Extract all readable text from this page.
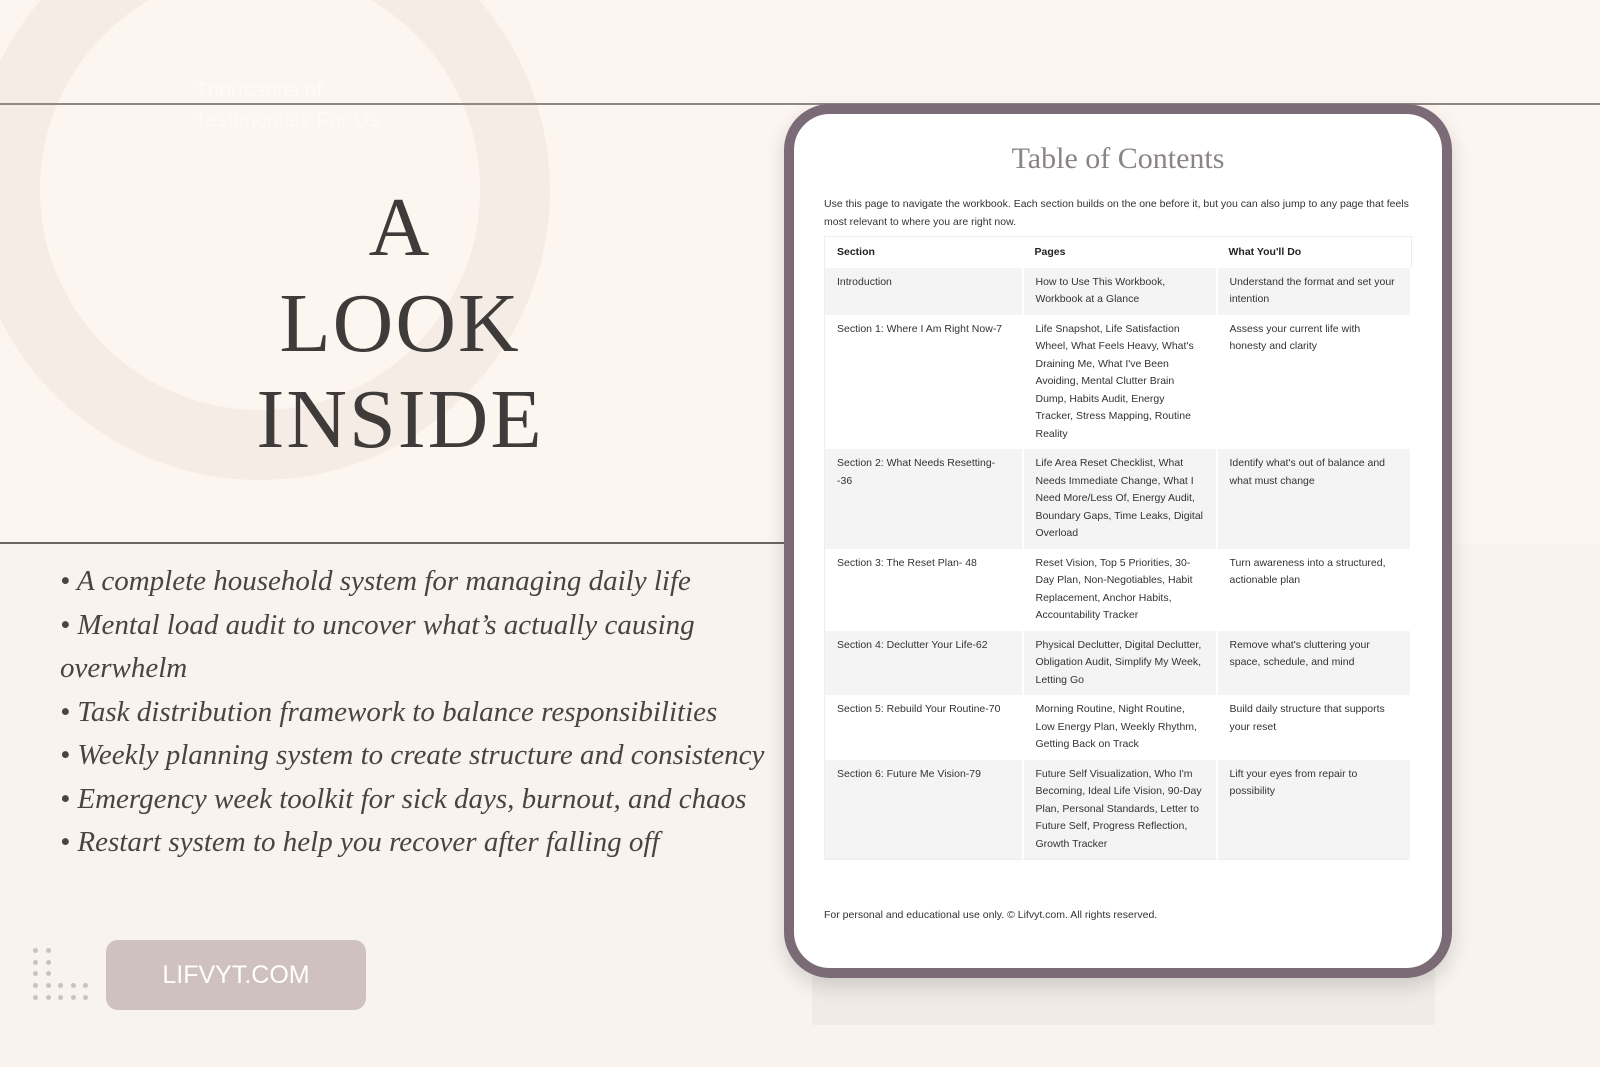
Thousands of
Testimonials For Us
A
LOOK
INSIDE
• A complete household system for managing daily life
• Mental load audit to uncover what’s actually causing overwhelm
• Task distribution framework to balance responsibilities
• Weekly planning system to create structure and consistency
• Emergency week toolkit for sick days, burnout, and chaos
• Restart system to help you recover after falling off
LIFVYT.COM
Table of Contents
Use this page to navigate the workbook. Each section builds on the one before it, but you can also jump to any page that feels most relevant to where you are right now.
Section	Pages	What You'll Do
Introduction	How to Use This Workbook, Workbook at a Glance	Understand the format and set your intention
Section 1: Where I Am Right Now-7	Life Snapshot, Life Satisfaction Wheel, What Feels Heavy, What's Draining Me, What I've Been Avoiding, Mental Clutter Brain Dump, Habits Audit, Energy Tracker, Stress Mapping, Routine Reality	Assess your current life with honesty and clarity
Section 2: What Needs Resetting--36	Life Area Reset Checklist, What Needs Immediate Change, What I Need More/Less Of, Energy Audit, Boundary Gaps, Time Leaks, Digital Overload	Identify what's out of balance and what must change
Section 3: The Reset Plan- 48	Reset Vision, Top 5 Priorities, 30-Day Plan, Non-Negotiables, Habit Replacement, Anchor Habits, Accountability Tracker	Turn awareness into a structured, actionable plan
Section 4: Declutter Your Life-62	Physical Declutter, Digital Declutter, Obligation Audit, Simplify My Week, Letting Go	Remove what's cluttering your space, schedule, and mind
Section 5: Rebuild Your Routine-70	Morning Routine, Night Routine, Low Energy Plan, Weekly Rhythm, Getting Back on Track	Build daily structure that supports your reset
Section 6: Future Me Vision-79	Future Self Visualization, Who I'm Becoming, Ideal Life Vision, 90-Day Plan, Personal Standards, Letter to Future Self, Progress Reflection, Growth Tracker	Lift your eyes from repair to possibility
For personal and educational use only. © Lifvyt.com. All rights reserved.
